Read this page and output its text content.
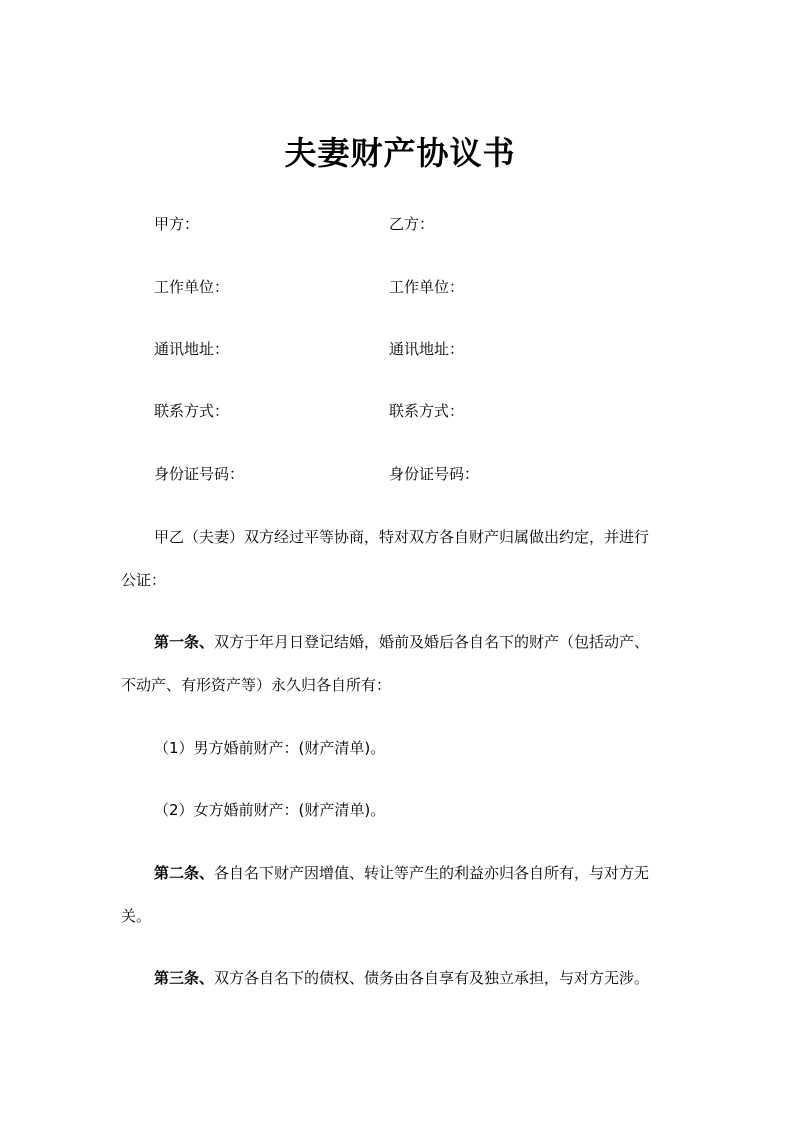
夫妻财产协议书
甲方：	乙方：
工作单位：	工作单位：
通讯地址：	通讯地址：
联系方式：	联系方式：
身份证号码：	身份证号码：
甲乙（夫妻）双方经过平等协商，特对双方各自财产归属做出约定，并进行
公证：
第一条、双方于年月日登记结婚，婚前及婚后各自名下的财产（包括动产、
不动产、有形资产等）永久归各自所有：
（1）男方婚前财产：(财产清单)。
（2）女方婚前财产：(财产清单)。
第二条、各自名下财产因增值、转让等产生的利益亦归各自所有，与对方无
关。
第三条、双方各自名下的债权、债务由各自享有及独立承担，与对方无涉。
